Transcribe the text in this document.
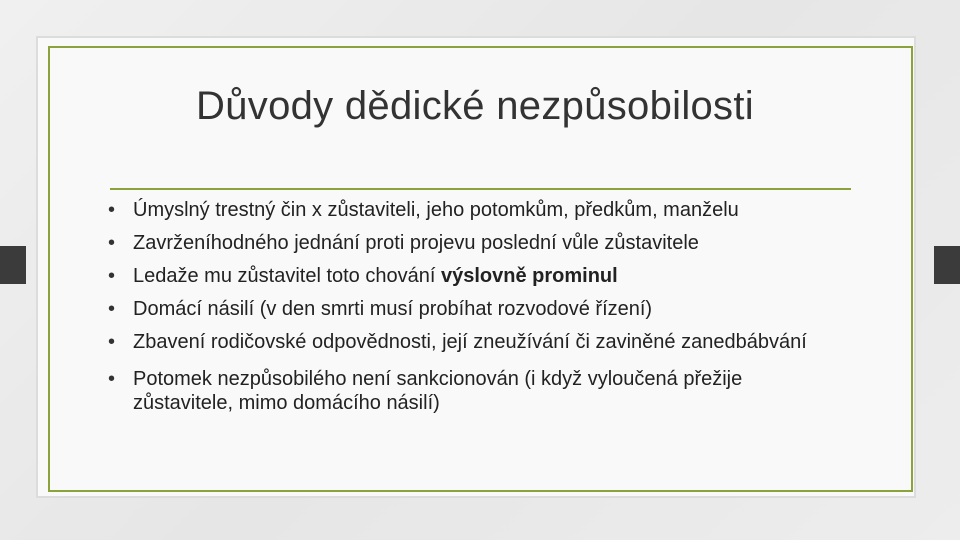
Důvody dědické nezpůsobilosti
• Úmyslný trestný čin x zůstaviteli, jeho potomkům, předkům, manželu
• Zavrženíhodného jednání proti projevu poslední vůle zůstavitele
• Ledaže mu zůstavitel toto chování výslovně prominul
• Domácí násilí (v den smrti musí probíhat rozvodové řízení)
• Zbavení rodičovské odpovědnosti, její zneužívání či zaviněné zanedbábvání
• Potomek nezpůsobilého není sankcionován (i když vyloučená přežije zůstavitele, mimo domácího násilí)
